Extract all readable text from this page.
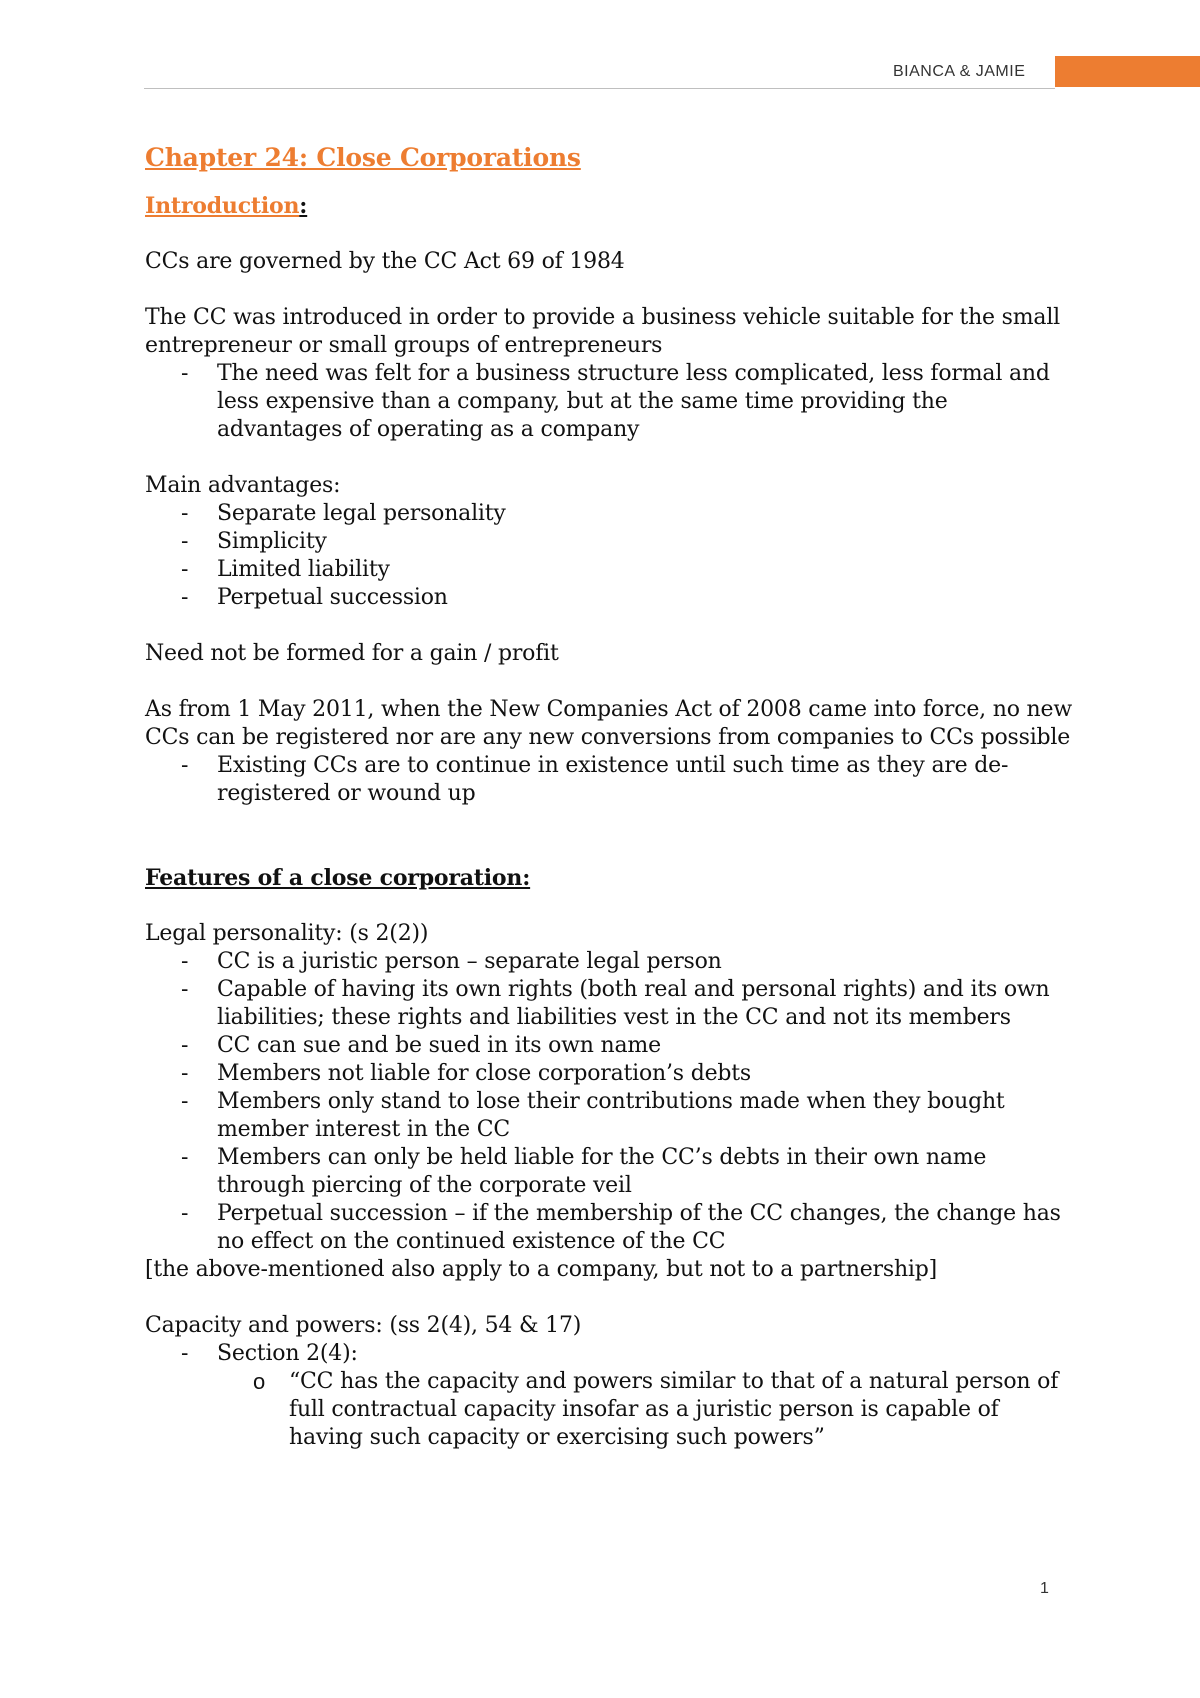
BIANCA & JAMIE
Chapter 24: Close Corporations
Introduction:

CCs are governed by the CC Act 69 of 1984

The CC was introduced in order to provide a business vehicle suitable for the small entrepreneur or small groups of entrepreneurs

- The need was felt for a business structure less complicated, less formal and less expensive than a company, but at the same time providing the advantages of operating as a company

Main advantages:

- Separate legal personality
- Simplicity
- Limited liability
- Perpetual succession

Need not be formed for a gain / profit

As from 1 May 2011, when the New Companies Act of 2008 came into force, no new CCs can be registered nor are any new conversions from companies to CCs possible

- Existing CCs are to continue in existence until such time as they are de-registered or wound up

Features of a close corporation:

Legal personality: (s 2(2))

- CC is a juristic person – separate legal person
- Capable of having its own rights (both real and personal rights) and its own liabilities; these rights and liabilities vest in the CC and not its members
- CC can sue and be sued in its own name
- Members not liable for close corporation’s debts
- Members only stand to lose their contributions made when they bought member interest in the CC
- Members can only be held liable for the CC’s debts in their own name through piercing of the corporate veil
- Perpetual succession – if the membership of the CC changes, the change has no effect on the continued existence of the CC

[the above-mentioned also apply to a company, but not to a partnership]

Capacity and powers: (ss 2(4), 54 & 17)

- Section 2(4):
o “CC has the capacity and powers similar to that of a natural person of full contractual capacity insofar as a juristic person is capable of having such capacity or exercising such powers”
1
